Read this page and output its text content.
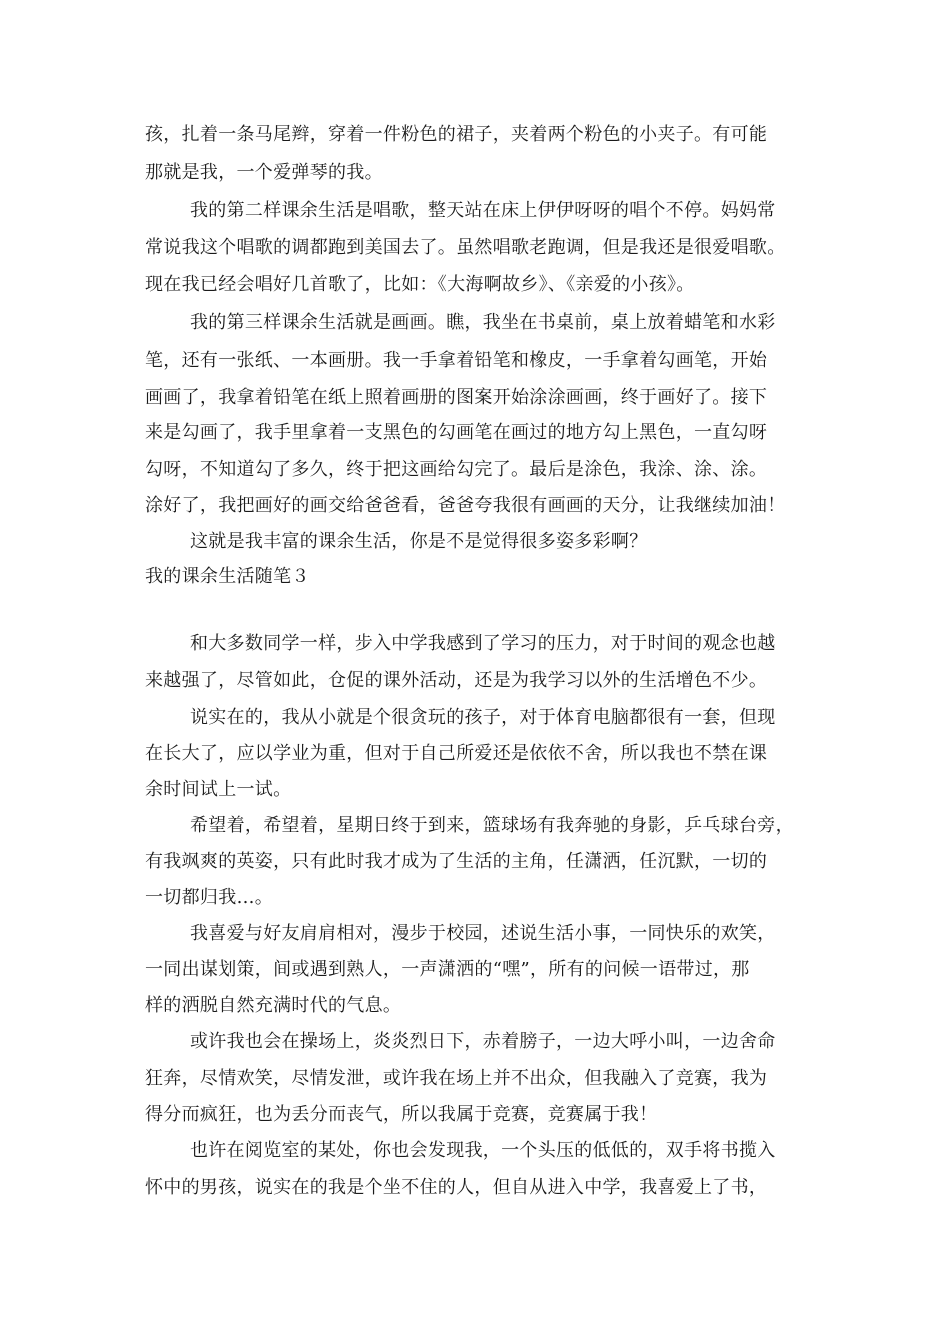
孩，扎着一条马尾辫，穿着一件粉色的裙子，夹着两个粉色的小夹子。有可能
那就是我，一个爱弹琴的我。
我的第二样课余生活是唱歌，整天站在床上伊伊呀呀的唱个不停。妈妈常
常说我这个唱歌的调都跑到美国去了。虽然唱歌老跑调，但是我还是很爱唱歌。
现在我已经会唱好几首歌了，比如：《大海啊故乡》、《亲爱的小孩》。
我的第三样课余生活就是画画。瞧，我坐在书桌前，桌上放着蜡笔和水彩
笔，还有一张纸、一本画册。我一手拿着铅笔和橡皮，一手拿着勾画笔，开始
画画了，我拿着铅笔在纸上照着画册的图案开始涂涂画画，终于画好了。接下
来是勾画了，我手里拿着一支黑色的勾画笔在画过的地方勾上黑色，一直勾呀
勾呀，不知道勾了多久，终于把这画给勾完了。最后是涂色，我涂、涂、涂。
涂好了，我把画好的画交给爸爸看，爸爸夸我很有画画的天分，让我继续加油！
这就是我丰富的课余生活，你是不是觉得很多姿多彩啊？
我的课余生活随笔３
和大多数同学一样，步入中学我感到了学习的压力，对于时间的观念也越
来越强了，尽管如此，仓促的课外活动，还是为我学习以外的生活增色不少。
说实在的，我从小就是个很贪玩的孩子，对于体育电脑都很有一套，但现
在长大了，应以学业为重，但对于自己所爱还是依依不舍，所以我也不禁在课
余时间试上一试。
希望着，希望着，星期日终于到来，篮球场有我奔驰的身影，乒乓球台旁，
有我飒爽的英姿，只有此时我才成为了生活的主角，任潇洒，任沉默，一切的
一切都归我…。
我喜爱与好友肩肩相对，漫步于校园，述说生活小事，一同快乐的欢笑，
一同出谋划策，间或遇到熟人，一声潇洒的“嘿”，所有的问候一语带过，那
样的洒脱自然充满时代的气息。
或许我也会在操场上，炎炎烈日下，赤着膀子，一边大呼小叫，一边舍命
狂奔，尽情欢笑，尽情发泄，或许我在场上并不出众，但我融入了竞赛，我为
得分而疯狂，也为丢分而丧气，所以我属于竞赛，竞赛属于我！
也许在阅览室的某处，你也会发现我，一个头压的低低的，双手将书揽入
怀中的男孩，说实在的我是个坐不住的人，但自从进入中学，我喜爱上了书，
